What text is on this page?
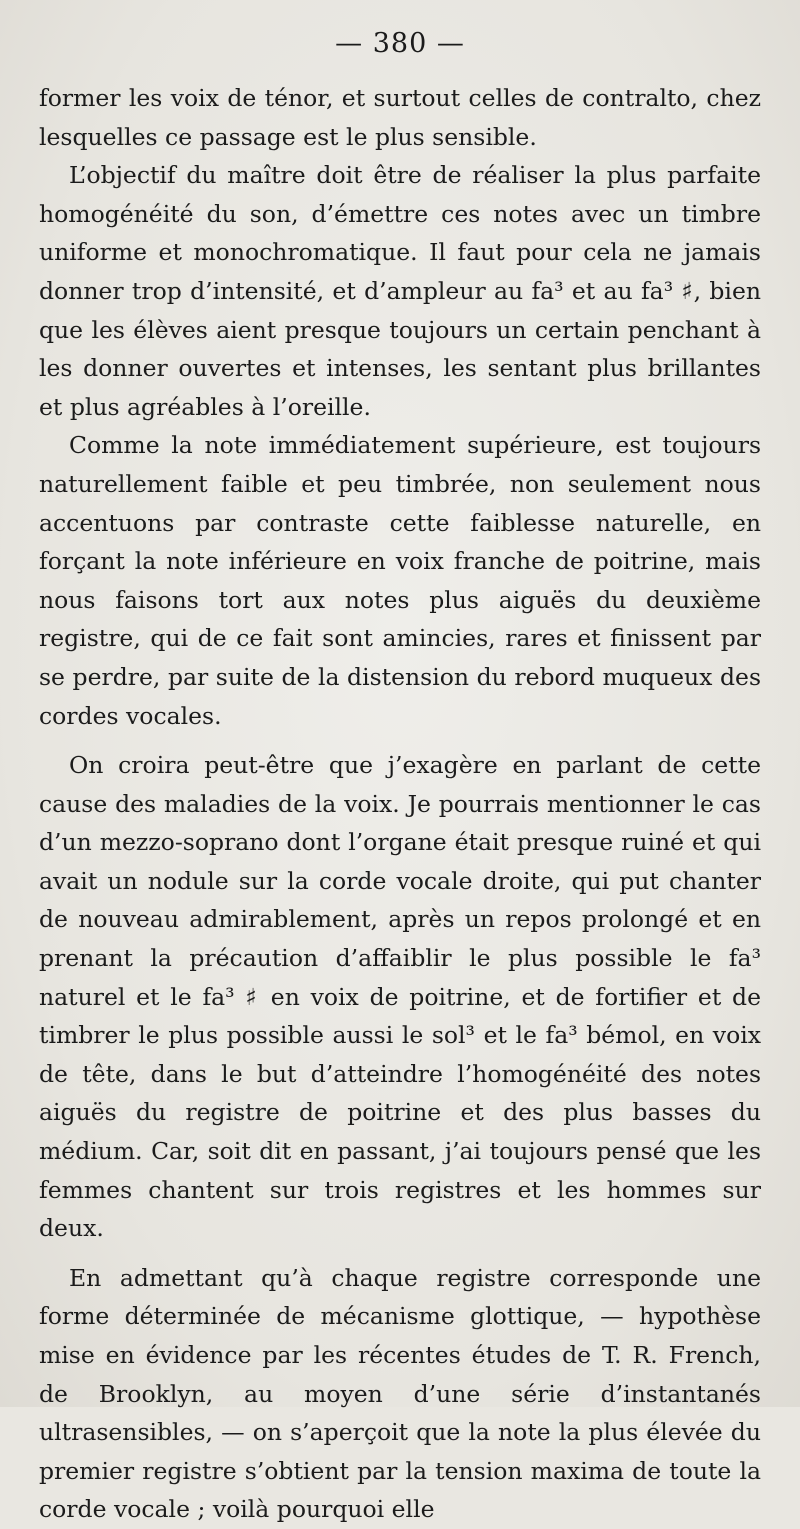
— 380 —

former les voix de ténor, et surtout celles de contralto, chez lesquelles ce passage est le plus sensible.

L’objectif du maître doit être de réaliser la plus parfaite homogénéité du son, d’émettre ces notes avec un timbre uniforme et monochromatique. Il faut pour cela ne jamais donner trop d’intensité, et d’ampleur au fa³ et au fa³ ♯, bien que les élèves aient presque toujours un certain penchant à les donner ouvertes et intenses, les sentant plus brillantes et plus agréables à l’oreille.

Comme la note immédiatement supérieure, est toujours naturellement faible et peu timbrée, non seulement nous accentuons par contraste cette faiblesse naturelle, en forçant la note inférieure en voix franche de poitrine, mais nous faisons tort aux notes plus aiguës du deuxième registre, qui de ce fait sont amincies, rares et finissent par se perdre, par suite de la distension du rebord muqueux des cordes vocales.

On croira peut-être que j’exagère en parlant de cette cause des maladies de la voix. Je pourrais mentionner le cas d’un mezzo-soprano dont l’organe était presque ruiné et qui avait un nodule sur la corde vocale droite, qui put chanter de nouveau admirablement, après un repos prolongé et en prenant la précaution d’affaiblir le plus possible le fa³ naturel et le fa³ ♯ en voix de poitrine, et de fortifier et de timbrer le plus possible aussi le sol³ et le fa³ bémol, en voix de tête, dans le but d’atteindre l’homogénéité des notes aiguës du registre de poitrine et des plus basses du médium. Car, soit dit en passant, j’ai toujours pensé que les femmes chantent sur trois registres et les hommes sur deux.

En admettant qu’à chaque registre corresponde une forme déterminée de mécanisme glottique, — hypothèse mise en évidence par les récentes études de T. R. French, de Brooklyn, au moyen d’une série d’instantanés ultrasensibles, — on s’aperçoit que la note la plus élevée du premier registre s’obtient par la tension maxima de toute la corde vocale ; voilà pourquoi elle
